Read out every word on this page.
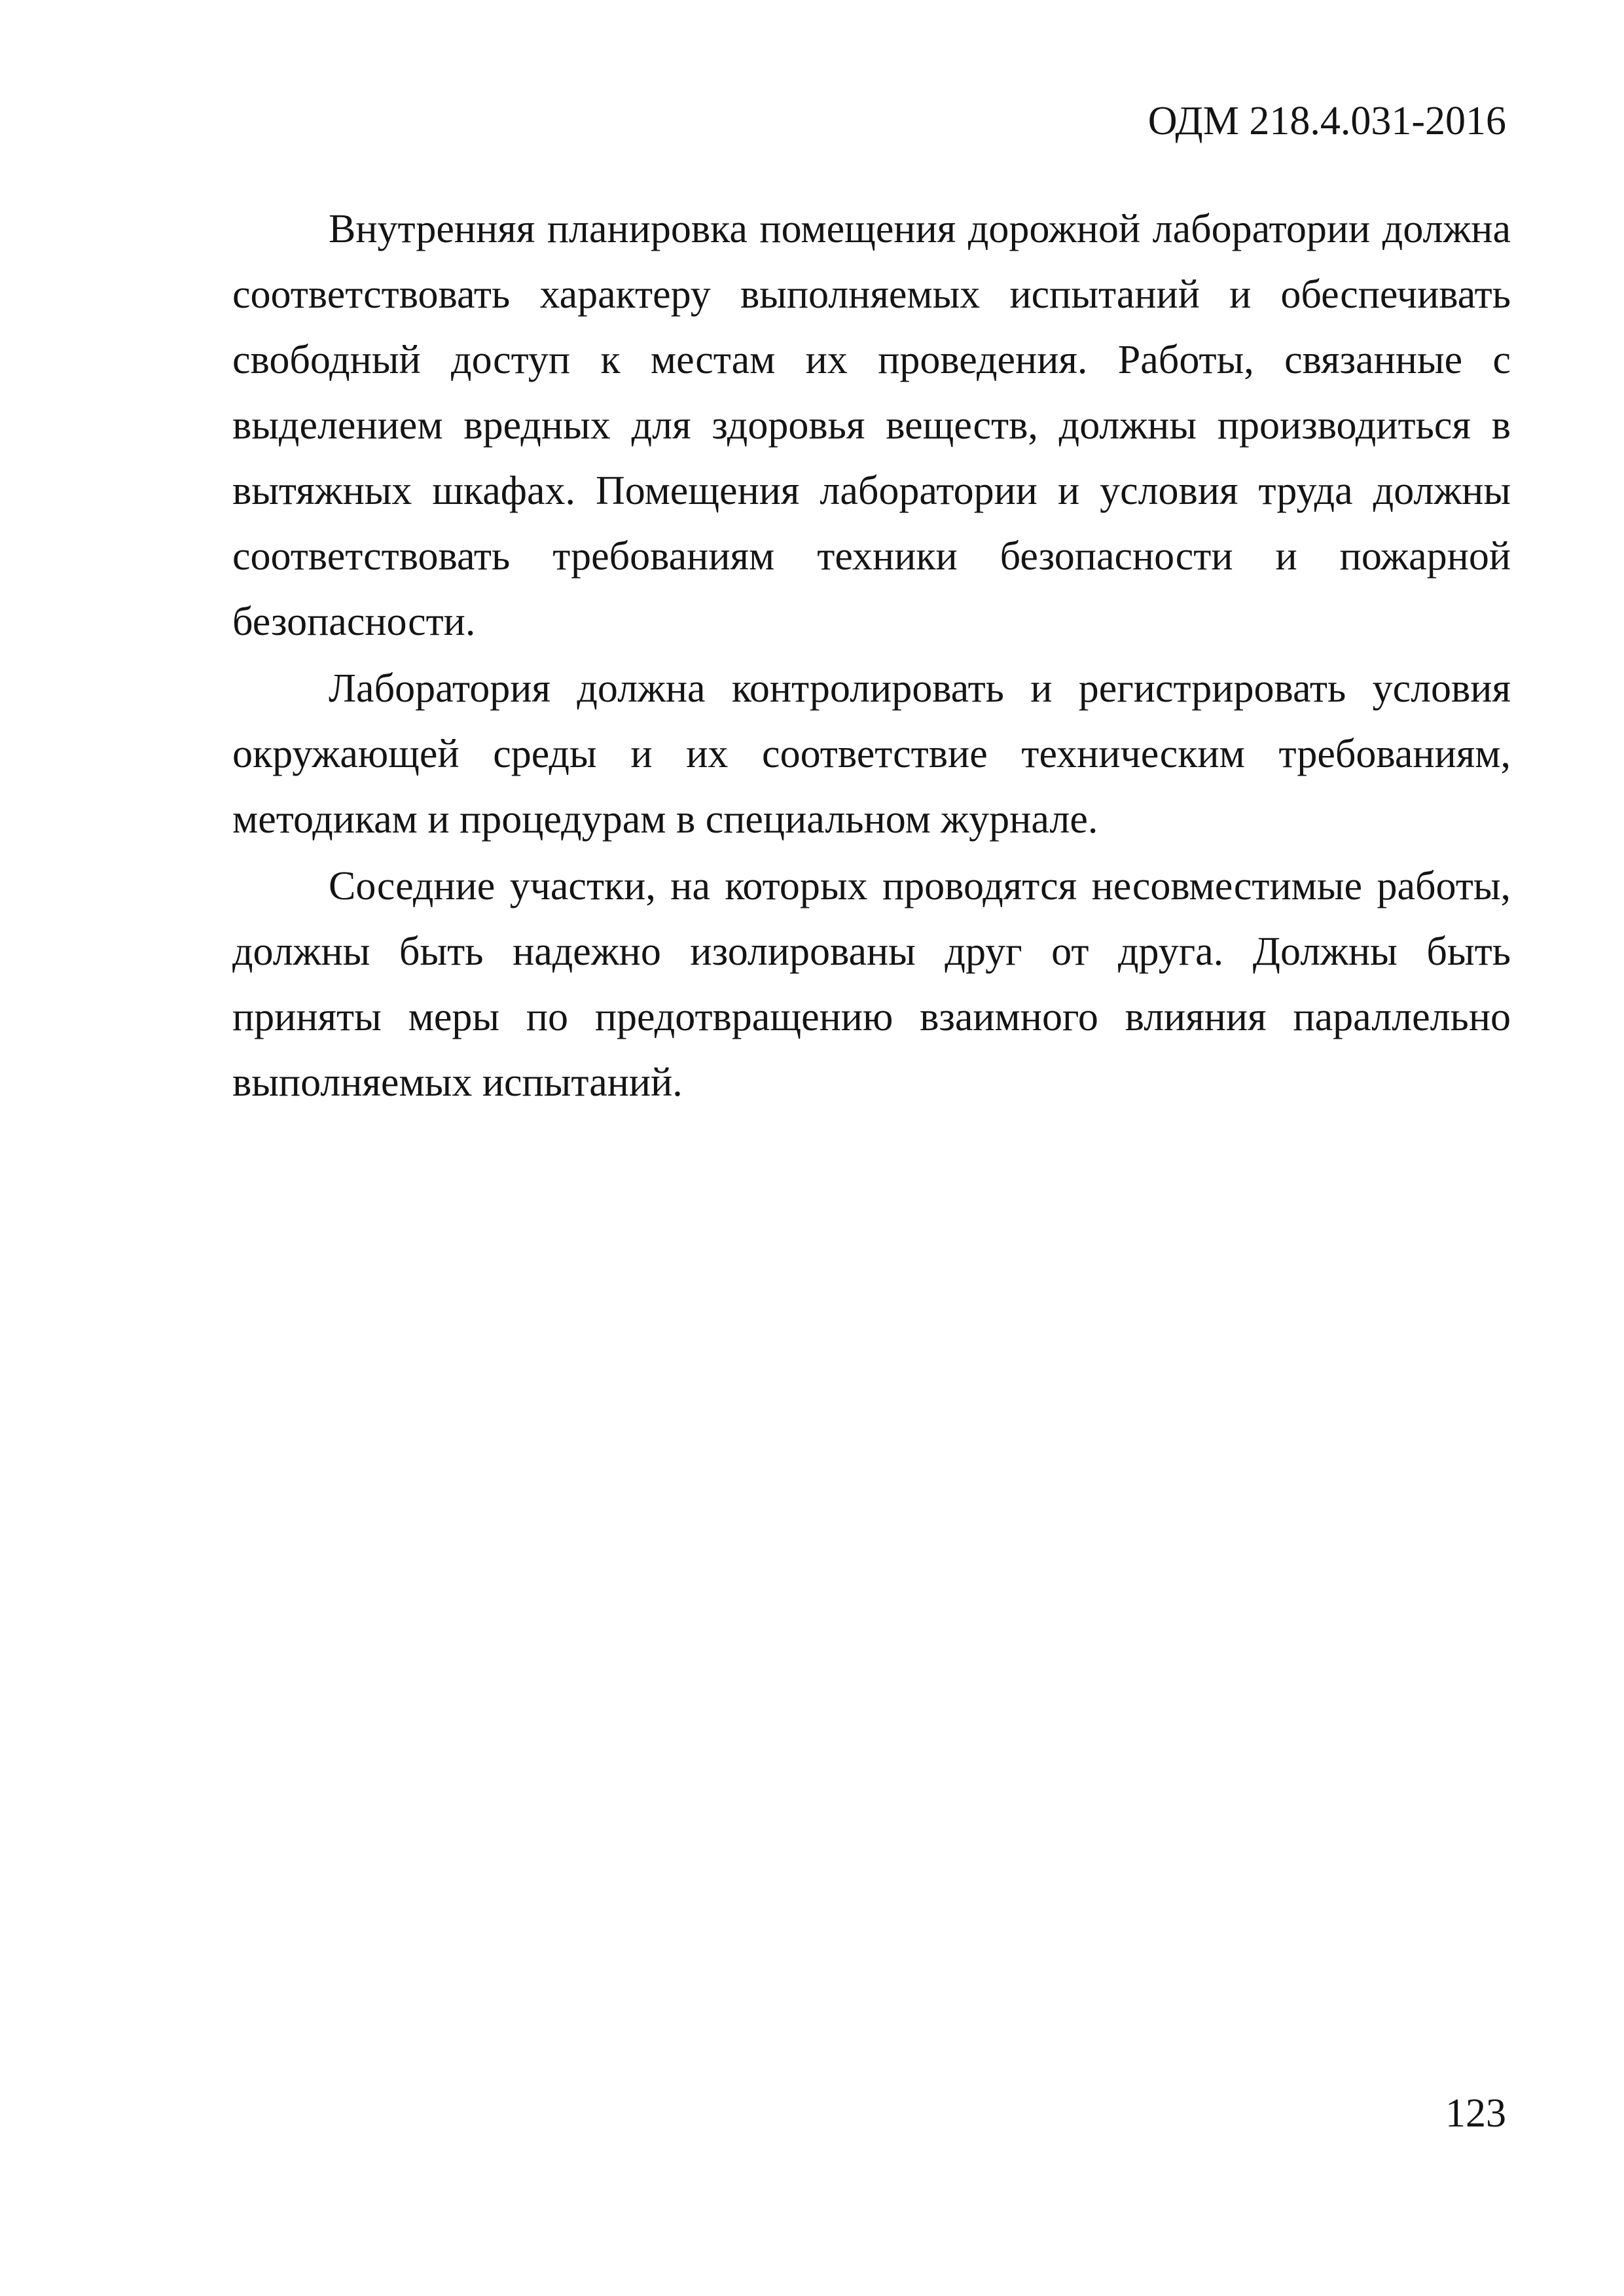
ОДМ 218.4.031-2016

Внутренняя планировка помещения дорожной лаборатории должна соответствовать характеру выполняемых испытаний и обеспечивать свободный доступ к местам их проведения. Работы, связанные с выделением вредных для здоровья веществ, должны производиться в вытяжных шкафах. Помещения лаборатории и условия труда должны соответствовать требованиям техники безопасности и пожарной безопасности.

Лаборатория должна контролировать и регистрировать условия окружающей среды и их соответствие техническим требованиям, методикам и процедурам в специальном журнале.

Соседние участки, на которых проводятся несовместимые работы, должны быть надежно изолированы друг от друга. Должны быть приняты меры по предотвращению взаимного влияния параллельно выполняемых испытаний.

123
